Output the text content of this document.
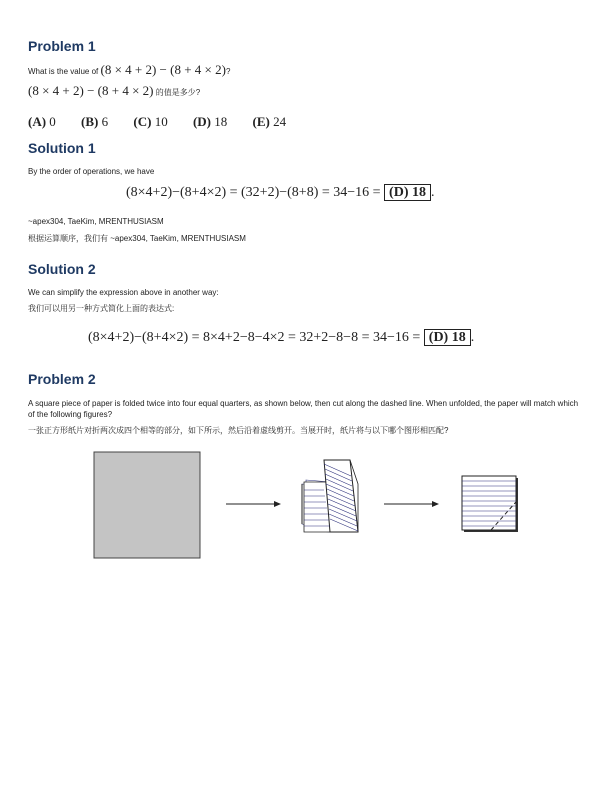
Problem 1

What is the value of (8 × 4 + 2) − (8 + 4 × 2)?

(8 × 4 + 2) − (8 + 4 × 2) 的值是多少?

(A) 0 (B) 6 (C) 10 (D) 18 (E) 24
Solution 1

By the order of operations, we have

(8×4+2)−(8+4×2) = (32+2)−(8+8) = 34−16 = (D) 18 .

~apex304, TaeKim, MRENTHUSIASM

根据运算顺序，我们有 ~apex304, TaeKim, MRENTHUSIASM

Solution 2

We can simplify the expression above in another way:

我们可以用另一种方式简化上面的表达式:

(8×4+2)−(8+4×2) = 8×4+2−8−4×2 = 32+2−8−8 = 34−16 = (D) 18 .
Problem 2

A square piece of paper is folded twice into four equal quarters, as shown below, then cut along the dashed line. When unfolded, the paper will match which of the following figures?

一张正方形纸片对折两次成四个相等的部分，如下所示，然后沿着虚线剪开。当展开时，纸片将与以下哪个图形相匹配?
